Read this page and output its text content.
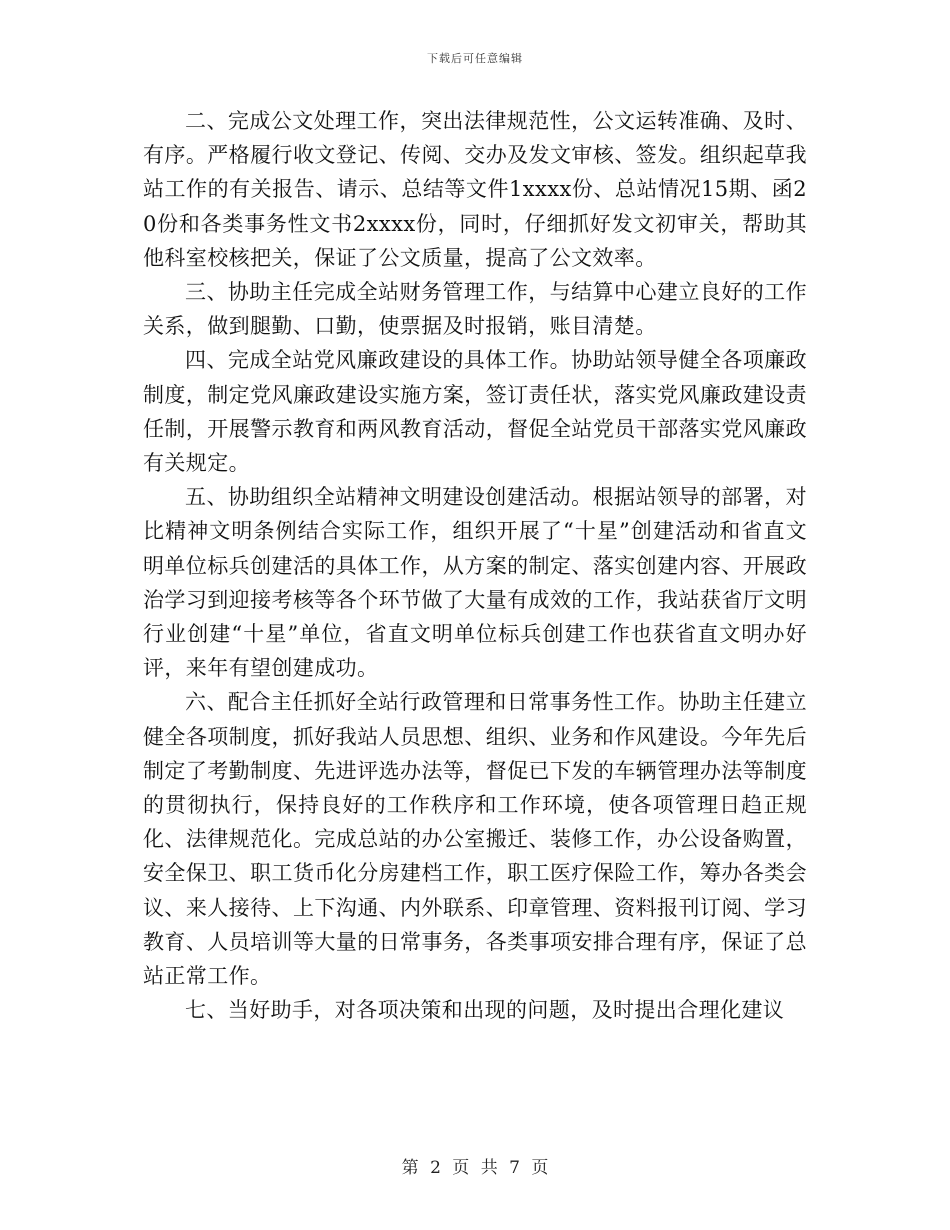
下载后可任意编辑

二、完成公文处理工作，突出法律规范性，公文运转准确、及时、有序。严格履行收文登记、传阅、交办及发文审核、签发。组织起草我站工作的有关报告、请示、总结等文件1xxxx份、总站情况15期、函20份和各类事务性文书2xxxx份，同时，仔细抓好发文初审关，帮助其他科室校核把关，保证了公文质量，提高了公文效率。

三、协助主任完成全站财务管理工作，与结算中心建立良好的工作关系，做到腿勤、口勤，使票据及时报销，账目清楚。

四、完成全站党风廉政建设的具体工作。协助站领导健全各项廉政制度，制定党风廉政建设实施方案，签订责任状，落实党风廉政建设责任制，开展警示教育和两风教育活动，督促全站党员干部落实党风廉政有关规定。

五、协助组织全站精神文明建设创建活动。根据站领导的部署，对比精神文明条例结合实际工作，组织开展了“十星”创建活动和省直文明单位标兵创建活的具体工作，从方案的制定、落实创建内容、开展政治学习到迎接考核等各个环节做了大量有成效的工作，我站获省厅文明行业创建“十星”单位，省直文明单位标兵创建工作也获省直文明办好评，来年有望创建成功。

六、配合主任抓好全站行政管理和日常事务性工作。协助主任建立健全各项制度，抓好我站人员思想、组织、业务和作风建设。今年先后制定了考勤制度、先进评选办法等，督促已下发的车辆管理办法等制度的贯彻执行，保持良好的工作秩序和工作环境，使各项管理日趋正规化、法律规范化。完成总站的办公室搬迁、装修工作，办公设备购置，安全保卫、职工货币化分房建档工作，职工医疗保险工作，筹办各类会议、来人接待、上下沟通、内外联系、印章管理、资料报刊订阅、学习教育、人员培训等大量的日常事务，各类事项安排合理有序，保证了总站正常工作。

七、当好助手，对各项决策和出现的问题，及时提出合理化建议

第 2 页 共 7 页
